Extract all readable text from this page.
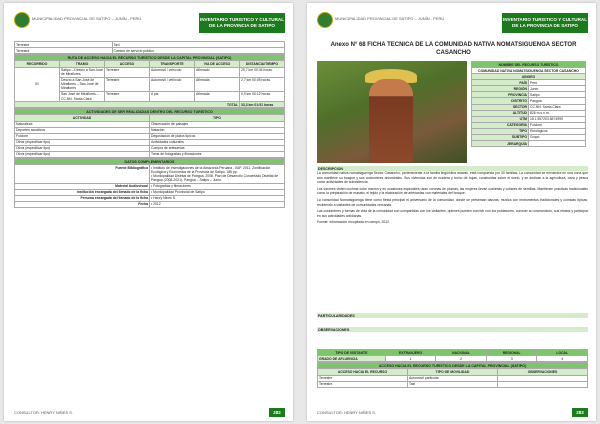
MUNICIPALIDAD PROVINCIAL DE SATIPO – JUNÍN - PERÚ	INVENTARIO TURISTICO Y CULTURAL DE LA PROVINCIA DE SATIPO
Terrestre	Taxi
Terrestre	Camión de servicio público
RUTA DE ACCESO HACIA EL RECURSO TURÍSTICO DESDE LA CAPITAL PROVINCIAL (SATIPO)					
RECORRIDO	TRAMO	ACCESO	TRANSPORTE	VIA DE ACCESO	DISTANCIA/TIEMPO
01	Satipo – Desvío a San José de Miraflores	Terrestre	Automóvil / vehículo	Afirmado	29,7 km 00:34 horas
	Desvío a San José de Miraflores – San José de Miraflores	Terrestre	Automóvil / vehículo	Afirmada	2,7 km 00:05 horas
	San José de Miraflores – CC.NN. Santa Clara	Terrestre	A pie	Afirmada	0,9 km 00:12 horas
TOTAL					33,3 km 01:51 horas
ACTIVIDADES DE SER REALIZADAS DENTRO DEL RECURSO TURÍSTICO	
ACTIVIDAD	TIPO
Naturaleza	Observación de paisajes
Deportes acuáticos	Natación
Folclore	Degustación de platos típicos
Otros (especificar tipo)	Actividades culturales
Otros (especificar tipo)	Compra de artesanías
Otros (especificar tipo)	Toma de fotografías y filmaciones
DATOS COMPLEMENTARIOS	
Fuente Bibliográfica	• Instituto de Investigaciones de la Amazonía Peruana - IIAP. 2011. Zonificación Ecológica y Económica de la Provincia de Satipo, 186 pp.
• Municipalidad Distrital de Pangoa. 2008. Plan de Desarrollo Concertado Distrital de Pangoa (2008-2021), Pangoa – Satipo – Junín.
Material Audiovisual	• Fotografías y filmaciones
Institución encargada del llenado de la ficha	• Municipalidad Provincial de Satipo
Persona encargada del llenado de la ficha	• Henry Ninés S.
Fecha	• 2012
CONSULTOR: HENRY NIÑES S.	282
MUNICIPALIDAD PROVINCIAL DE SATIPO – JUNÍN - PERÚ	INVENTARIO TURISTICO Y CULTURAL DE LA PROVINCIA DE SATIPO
Anexo N° 68 FICHA TECNICA DE LA COMUNIDAD NATIVA NOMATSIGUENGA SECTOR CASANCHO
NOMBRE DEL RECURSO TURÍSTICO	
COMUNIDAD NATIVA NOMATSIGUENGA SECTOR CASANCHO	
UBIGEO	
PAÍS	Perú
REGIÓN	Junín
PROVINCIA	Satipo
DISTRITO	Pangoa
SECTOR	CC.NN. Santa Clara
ALTITUD	826 m.s.n.m.
UTM	18 L 557203 8874999
CATEGORÍA	Folclore
TIPO	Etnológicos
SUBTIPO	Grupo
JERARQUÍA	
DESCRIPCION

La comunidad nativa nomatsiguenga Sector Casancho, perteneciente a la familia lingüística arawak, está compuesta por 30 familias. La comunidad se encuentra en una zona que aún mantiene su bosque y sus costumbres ancestrales. Sus viviendas son de madera y techo de hojas, construidas sobre el suelo, y se dedican a la agricultura, caza y pesca como actividades de subsistencia.

Los varones visten cushma color marrón y en ocasiones especiales usan coronas de plumas; las mujeres llevan cushmas y collares de semillas. Mantienen prácticas tradicionales como la preparación de masato, el tejido y la elaboración de artesanías con materiales del bosque.

La comunidad Nomatsiguenga tiene como fiesta principal el aniversario de la comunidad, donde se presentan danzas, música con instrumentos tradicionales y comidas típicas, recibiendo a visitantes de comunidades cercanas.

Las costumbres y formas de vida de la comunidad son compartidas con los visitantes, quienes pueden convivir con los pobladores, conocer su cosmovisión, sus relatos y participar en sus actividades cotidianas.

Fuente: Información recopilada en campo, 2012.

PARTICULARIDADES
OBSERVACIONES
TIPO DE VISITANTE	EXTRANJERO	NACIONAL	REGIONAL	LOCAL
GRADO DE AFLUENCIA	1	2	3	4
ACCESO HACIA EL RECURSO TURÍSTICO DESDE LA CAPITAL PROVINCIAL (SATIPO)		
ACCESO HACIA EL RECURSO	TIPO DE MOVILIDAD	OBSERVACIONES
Terrestre	Automóvil particular	
Terrestre	Taxi	
CONSULTOR: HENRY NIÑES S.	283
